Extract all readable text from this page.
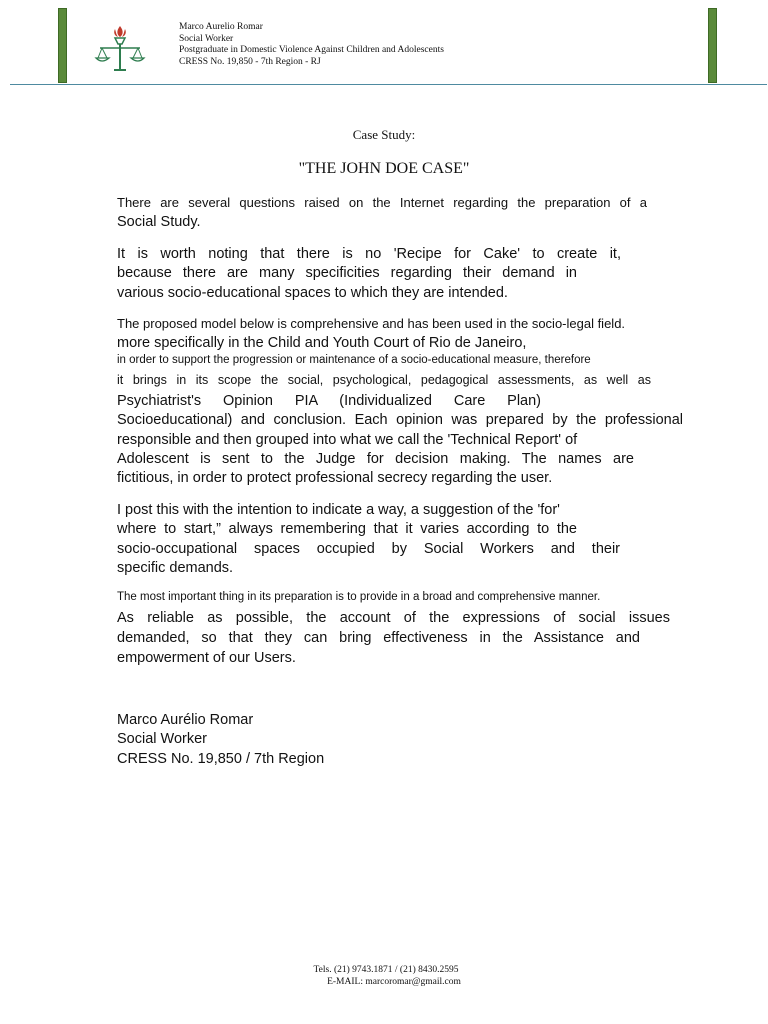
Marco Aurelio Romar
Social Worker
Postgraduate in Domestic Violence Against Children and Adolescents
CRESS No. 19,850 - 7th Region - RJ
Case Study:
"THE JOHN DOE CASE"
There are several questions raised on the Internet regarding the preparation of a
Social Study.
It is worth noting that there is no 'Recipe for Cake' to create it,
because there are many specificities regarding their demand in
various socio-educational spaces to which they are intended.
The proposed model below is comprehensive and has been used in the socio-legal field.
more specifically in the Child and Youth Court of Rio de Janeiro,
in order to support the progression or maintenance of a socio-educational measure, therefore
it brings in its scope the social, psychological, pedagogical assessments, as well as
Psychiatrist's Opinion PIA (Individualized Care Plan)
Socioeducational) and conclusion. Each opinion was prepared by the professional
responsible and then grouped into what we call the 'Technical Report' of
Adolescent is sent to the Judge for decision making. The names are
fictitious, in order to protect professional secrecy regarding the user.
I post this with the intention to indicate a way, a suggestion of the 'for'
where to start,” always remembering that it varies according to the
socio-occupational spaces occupied by Social Workers and their
specific demands.
The most important thing in its preparation is to provide in a broad and comprehensive manner.
As reliable as possible, the account of the expressions of social issues
demanded, so that they can bring effectiveness in the Assistance and
empowerment of our Users.
Marco Aurélio Romar
Social Worker
CRESS No. 19,850 / 7th Region
Tels. (21) 9743.1871 / (21) 8430.2595
E-MAIL: marcoromar@gmail.com
